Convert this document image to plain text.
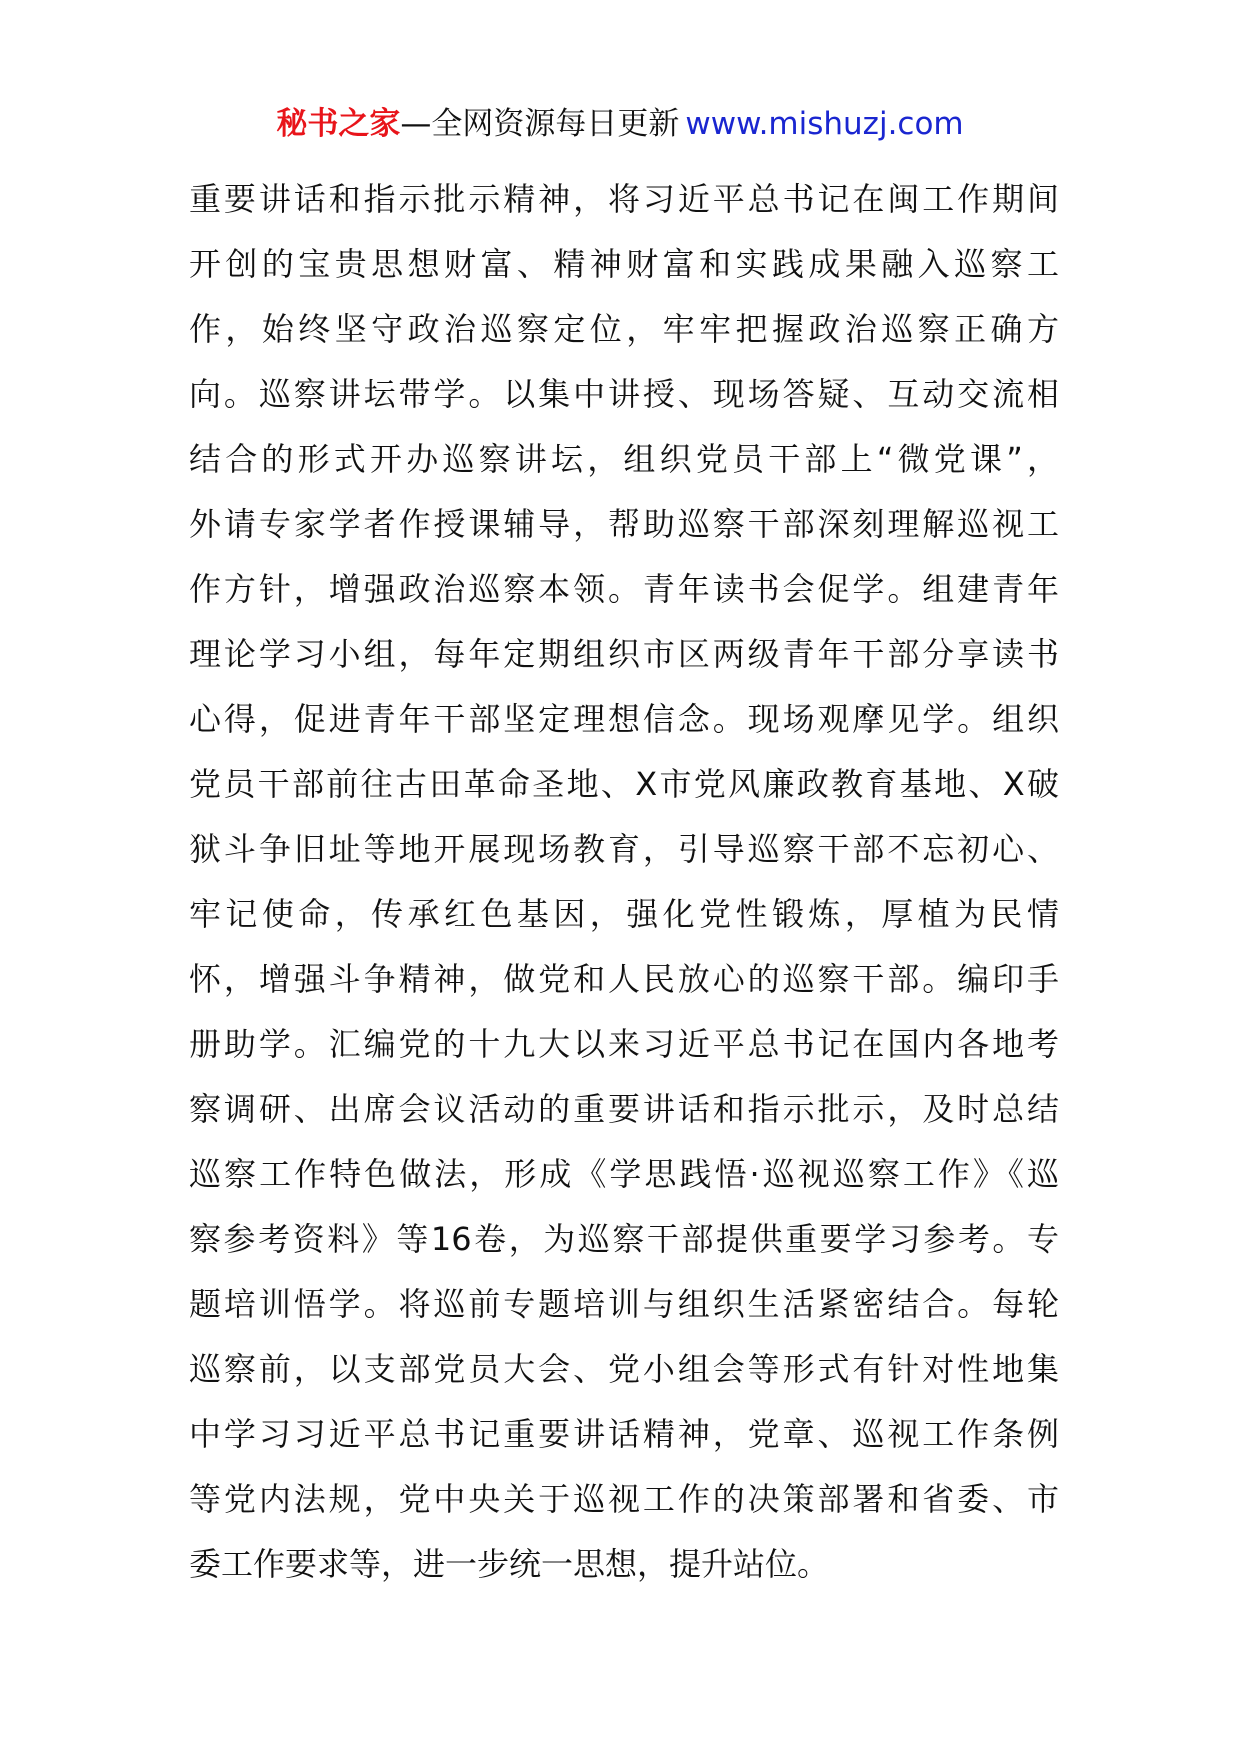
秘书之家—全网资源每日更新 www.mishuzj.com
重要讲话和指示批示精神，将习近平总书记在闽工作期间
开创的宝贵思想财富、精神财富和实践成果融入巡察工
作，始终坚守政治巡察定位，牢牢把握政治巡察正确方
向。巡察讲坛带学。以集中讲授、现场答疑、互动交流相
结合的形式开办巡察讲坛，组织党员干部上“微党课”，
外请专家学者作授课辅导，帮助巡察干部深刻理解巡视工
作方针，增强政治巡察本领。青年读书会促学。组建青年
理论学习小组，每年定期组织市区两级青年干部分享读书
心得，促进青年干部坚定理想信念。现场观摩见学。组织
党员干部前往古田革命圣地、X市党风廉政教育基地、X破
狱斗争旧址等地开展现场教育，引导巡察干部不忘初心、
牢记使命，传承红色基因，强化党性锻炼，厚植为民情
怀，增强斗争精神，做党和人民放心的巡察干部。编印手
册助学。汇编党的十九大以来习近平总书记在国内各地考
察调研、出席会议活动的重要讲话和指示批示，及时总结
巡察工作特色做法，形成《学思践悟·巡视巡察工作》《巡
察参考资料》等16卷，为巡察干部提供重要学习参考。专
题培训悟学。将巡前专题培训与组织生活紧密结合。每轮
巡察前，以支部党员大会、党小组会等形式有针对性地集
中学习习近平总书记重要讲话精神，党章、巡视工作条例
等党内法规，党中央关于巡视工作的决策部署和省委、市
委工作要求等，进一步统一思想，提升站位。
